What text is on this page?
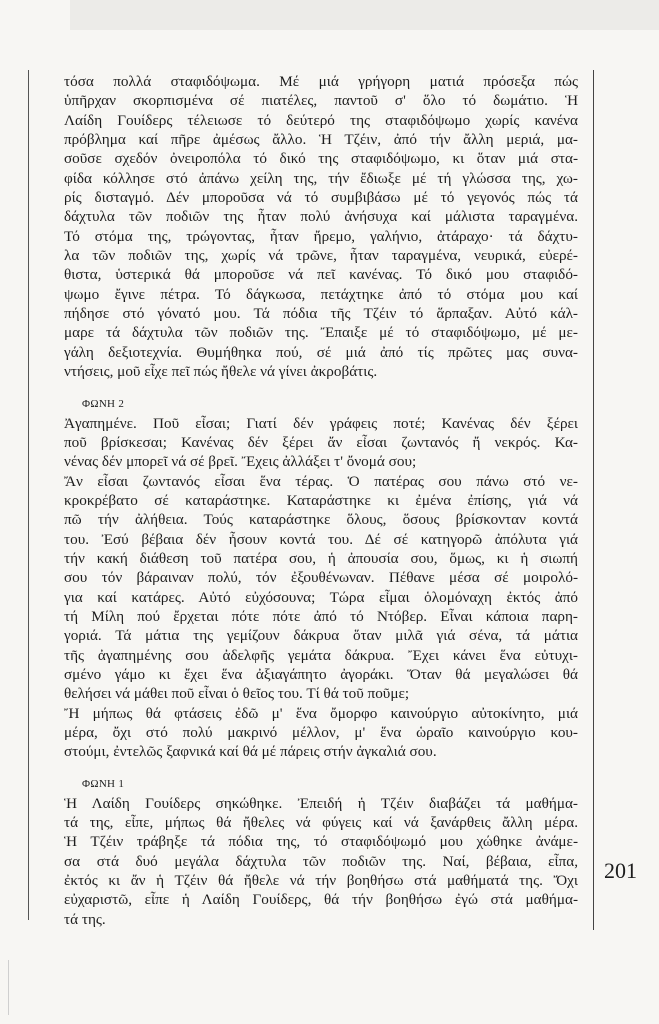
τόσα πολλά σταφιδόψωμα. Μέ μιά γρήγορη ματιά πρόσεξα πώς
ὑπῆρχαν σκορπισμένα σέ πιατέλες, παντοῦ σ' ὅλο τό δωμάτιο. Ἡ
Λαίδη Γουίδερς τέλειωσε τό δεύτερό της σταφιδόψωμο χωρίς κανένα
πρόβλημα καί πῆρε ἀμέσως ἄλλο. Ἡ Τζέιν, ἀπό τήν ἄλλη μεριά, μα-
σοῦσε σχεδόν ὀνειροπόλα τό δικό της σταφιδόψωμο, κι ὅταν μιά στα-
φίδα κόλλησε στό ἀπάνω χείλη της, τήν ἔδιωξε μέ τή γλώσσα της, χω-
ρίς δισταγμό. Δέν μποροῦσα νά τό συμβιβάσω μέ τό γεγονός πώς τά
δάχτυλα τῶν ποδιῶν της ἦταν πολύ ἀνήσυχα καί μάλιστα ταραγμένα.
Τό στόμα της, τρώγοντας, ἦταν ἤρεμο, γαλήνιο, ἀτάραχο· τά δάχτυ-
λα τῶν ποδιῶν της, χωρίς νά τρῶνε, ἦταν ταραγμένα, νευρικά, εὐερέ-
θιστα, ὑστερικά θά μποροῦσε νά πεῖ κανένας. Τό δικό μου σταφιδό-
ψωμο ἔγινε πέτρα. Τό δάγκωσα, πετάχτηκε ἀπό τό στόμα μου καί
πήδησε στό γόνατό μου. Τά πόδια τῆς Τζέιν τό ἅρπαξαν. Αὐτό κάλ-
μαρε τά δάχτυλα τῶν ποδιῶν της. Ἔπαιξε μέ τό σταφιδόψωμο, μέ με-
γάλη δεξιοτεχνία. Θυμήθηκα πού, σέ μιά ἀπό τίς πρῶτες μας συνα-
ντήσεις, μοῦ εἶχε πεῖ πώς ἤθελε νά γίνει ἀκροβάτις.
ΦΩΝΗ 2
Ἀγαπημένε. Ποῦ εἶσαι; Γιατί δέν γράφεις ποτέ; Κανένας δέν ξέρει
ποῦ βρίσκεσαι; Κανένας δέν ξέρει ἄν εἶσαι ζωντανός ἤ νεκρός. Κα-
νένας δέν μπορεῖ νά σέ βρεῖ. Ἔχεις ἀλλάξει τ' ὄνομά σου;
Ἄν εἶσαι ζωντανός εἶσαι ἕνα τέρας. Ὁ πατέρας σου πάνω στό νε-
κροκρέβατο σέ καταράστηκε. Καταράστηκε κι ἐμένα ἐπίσης, γιά νά
πῶ τήν ἀλήθεια. Τούς καταράστηκε ὅλους, ὅσους βρίσκονταν κοντά
του. Ἐσύ βέβαια δέν ἦσουν κοντά του. Δέ σέ κατηγορῶ ἀπόλυτα γιά
τήν κακή διάθεση τοῦ πατέρα σου, ἡ ἀπουσία σου, ὅμως, κι ἡ σιωπή
σου τόν βάραιναν πολύ, τόν ἐξουθένωναν. Πέθανε μέσα σέ μοιρολό-
για καί κατάρες. Αὐτό εὐχόσουνα; Τώρα εἶμαι ὁλομόναχη ἐκτός ἀπό
τή Μίλη πού ἔρχεται πότε πότε ἀπό τό Ντόβερ. Εἶναι κάποια παρη-
γοριά. Τά μάτια της γεμίζουν δάκρυα ὅταν μιλᾶ γιά σένα, τά μάτια
τῆς ἀγαπημένης σου ἀδελφῆς γεμάτα δάκρυα. Ἔχει κάνει ἕνα εὐτυχι-
σμένο γάμο κι ἔχει ἕνα ἀξιαγάπητο ἀγοράκι. Ὅταν θά μεγαλώσει θά
θελήσει νά μάθει ποῦ εἶναι ὁ θεῖος του. Τί θά τοῦ ποῦμε;
Ἤ μήπως θά φτάσεις ἐδῶ μ' ἕνα ὄμορφο καινούργιο αὐτοκίνητο, μιά
μέρα, ὄχι στό πολύ μακρινό μέλλον, μ' ἕνα ὡραῖο καινούργιο κου-
στούμι, ἐντελῶς ξαφνικά καί θά μέ πάρεις στήν ἀγκαλιά σου.
ΦΩΝΗ 1
Ἡ Λαίδη Γουίδερς σηκώθηκε. Ἐπειδή ἡ Τζέιν διαβάζει τά μαθήμα-
τά της, εἶπε, μήπως θά ἤθελες νά φύγεις καί νά ξανάρθεις ἄλλη μέρα.
Ἡ Τζέιν τράβηξε τά πόδια της, τό σταφιδόψωμό μου χώθηκε ἀνάμε-
σα στά δυό μεγάλα δάχτυλα τῶν ποδιῶν της. Ναί, βέβαια, εἶπα,
ἐκτός κι ἄν ἡ Τζέιν θά ἤθελε νά τήν βοηθήσω στά μαθήματά της. Ὄχι
εὐχαριστῶ, εἶπε ἡ Λαίδη Γουίδερς, θά τήν βοηθήσω ἐγώ στά μαθήμα-
τά της.
201
